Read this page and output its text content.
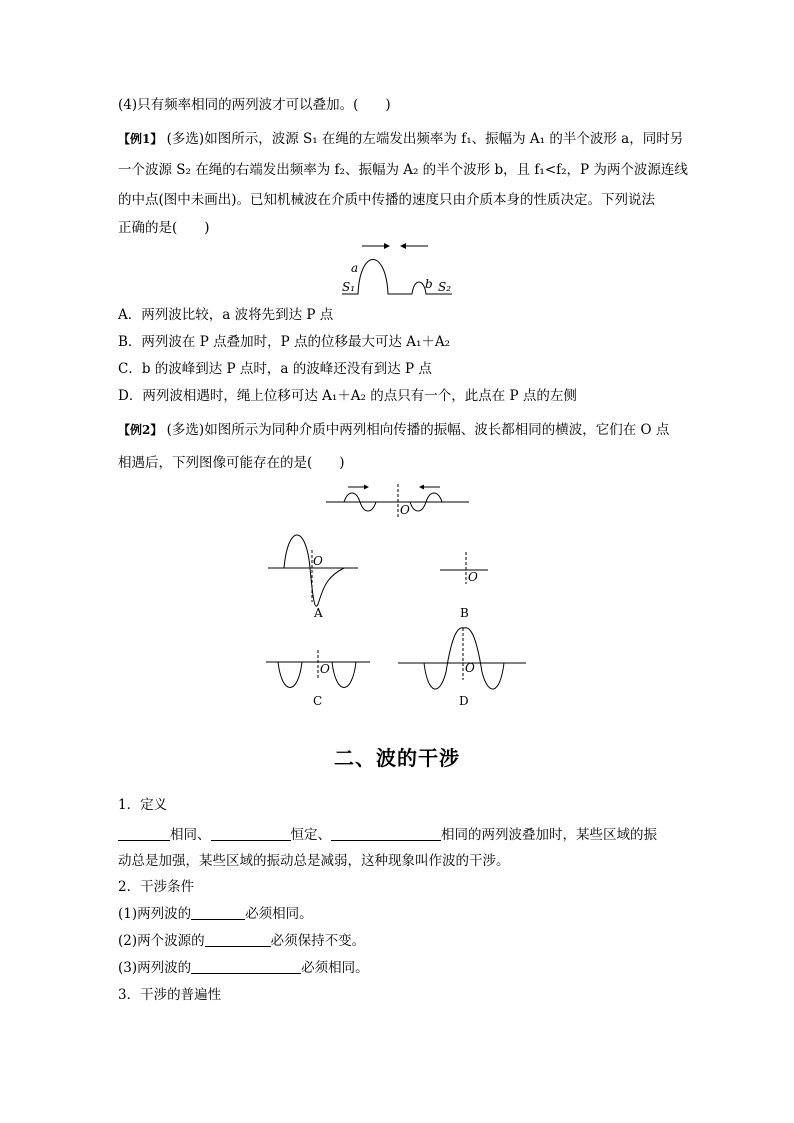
(4)只有频率相同的两列波才可以叠加。(　　)
【例1】 (多选)如图所示，波源 S₁ 在绳的左端发出频率为 f₁、振幅为 A₁ 的半个波形 a，同时另
一个波源 S₂ 在绳的右端发出频率为 f₂、振幅为 A₂ 的半个波形 b，且 f₁<f₂，P 为两个波源连线
的中点(图中未画出)。已知机械波在介质中传播的速度只由介质本身的性质决定。下列说法
正确的是(　　)
a
b
S₁	S₂
A．两列波比较，a 波将先到达 P 点
B．两列波在 P 点叠加时，P 点的位移最大可达 A₁＋A₂
C．b 的波峰到达 P 点时，a 的波峰还没有到达 P 点
D．两列波相遇时，绳上位移可达 A₁＋A₂ 的点只有一个，此点在 P 点的左侧
【例2】 (多选)如图所示为同种介质中两列相向传播的振幅、波长都相同的横波，它们在 O 点
相遇后，下列图像可能存在的是(　　)
O
O
A
O
B
O
C
O
D
二、波的干涉
1．定义
相同、	恒定、	相同的两列波叠加时，某些区域的振
动总是加强，某些区域的振动总是减弱，这种现象叫作波的干涉。
2．干涉条件
(1)两列波的	必须相同。
(2)两个波源的	必须保持不变。
(3)两列波的	必须相同。
3．干涉的普遍性
